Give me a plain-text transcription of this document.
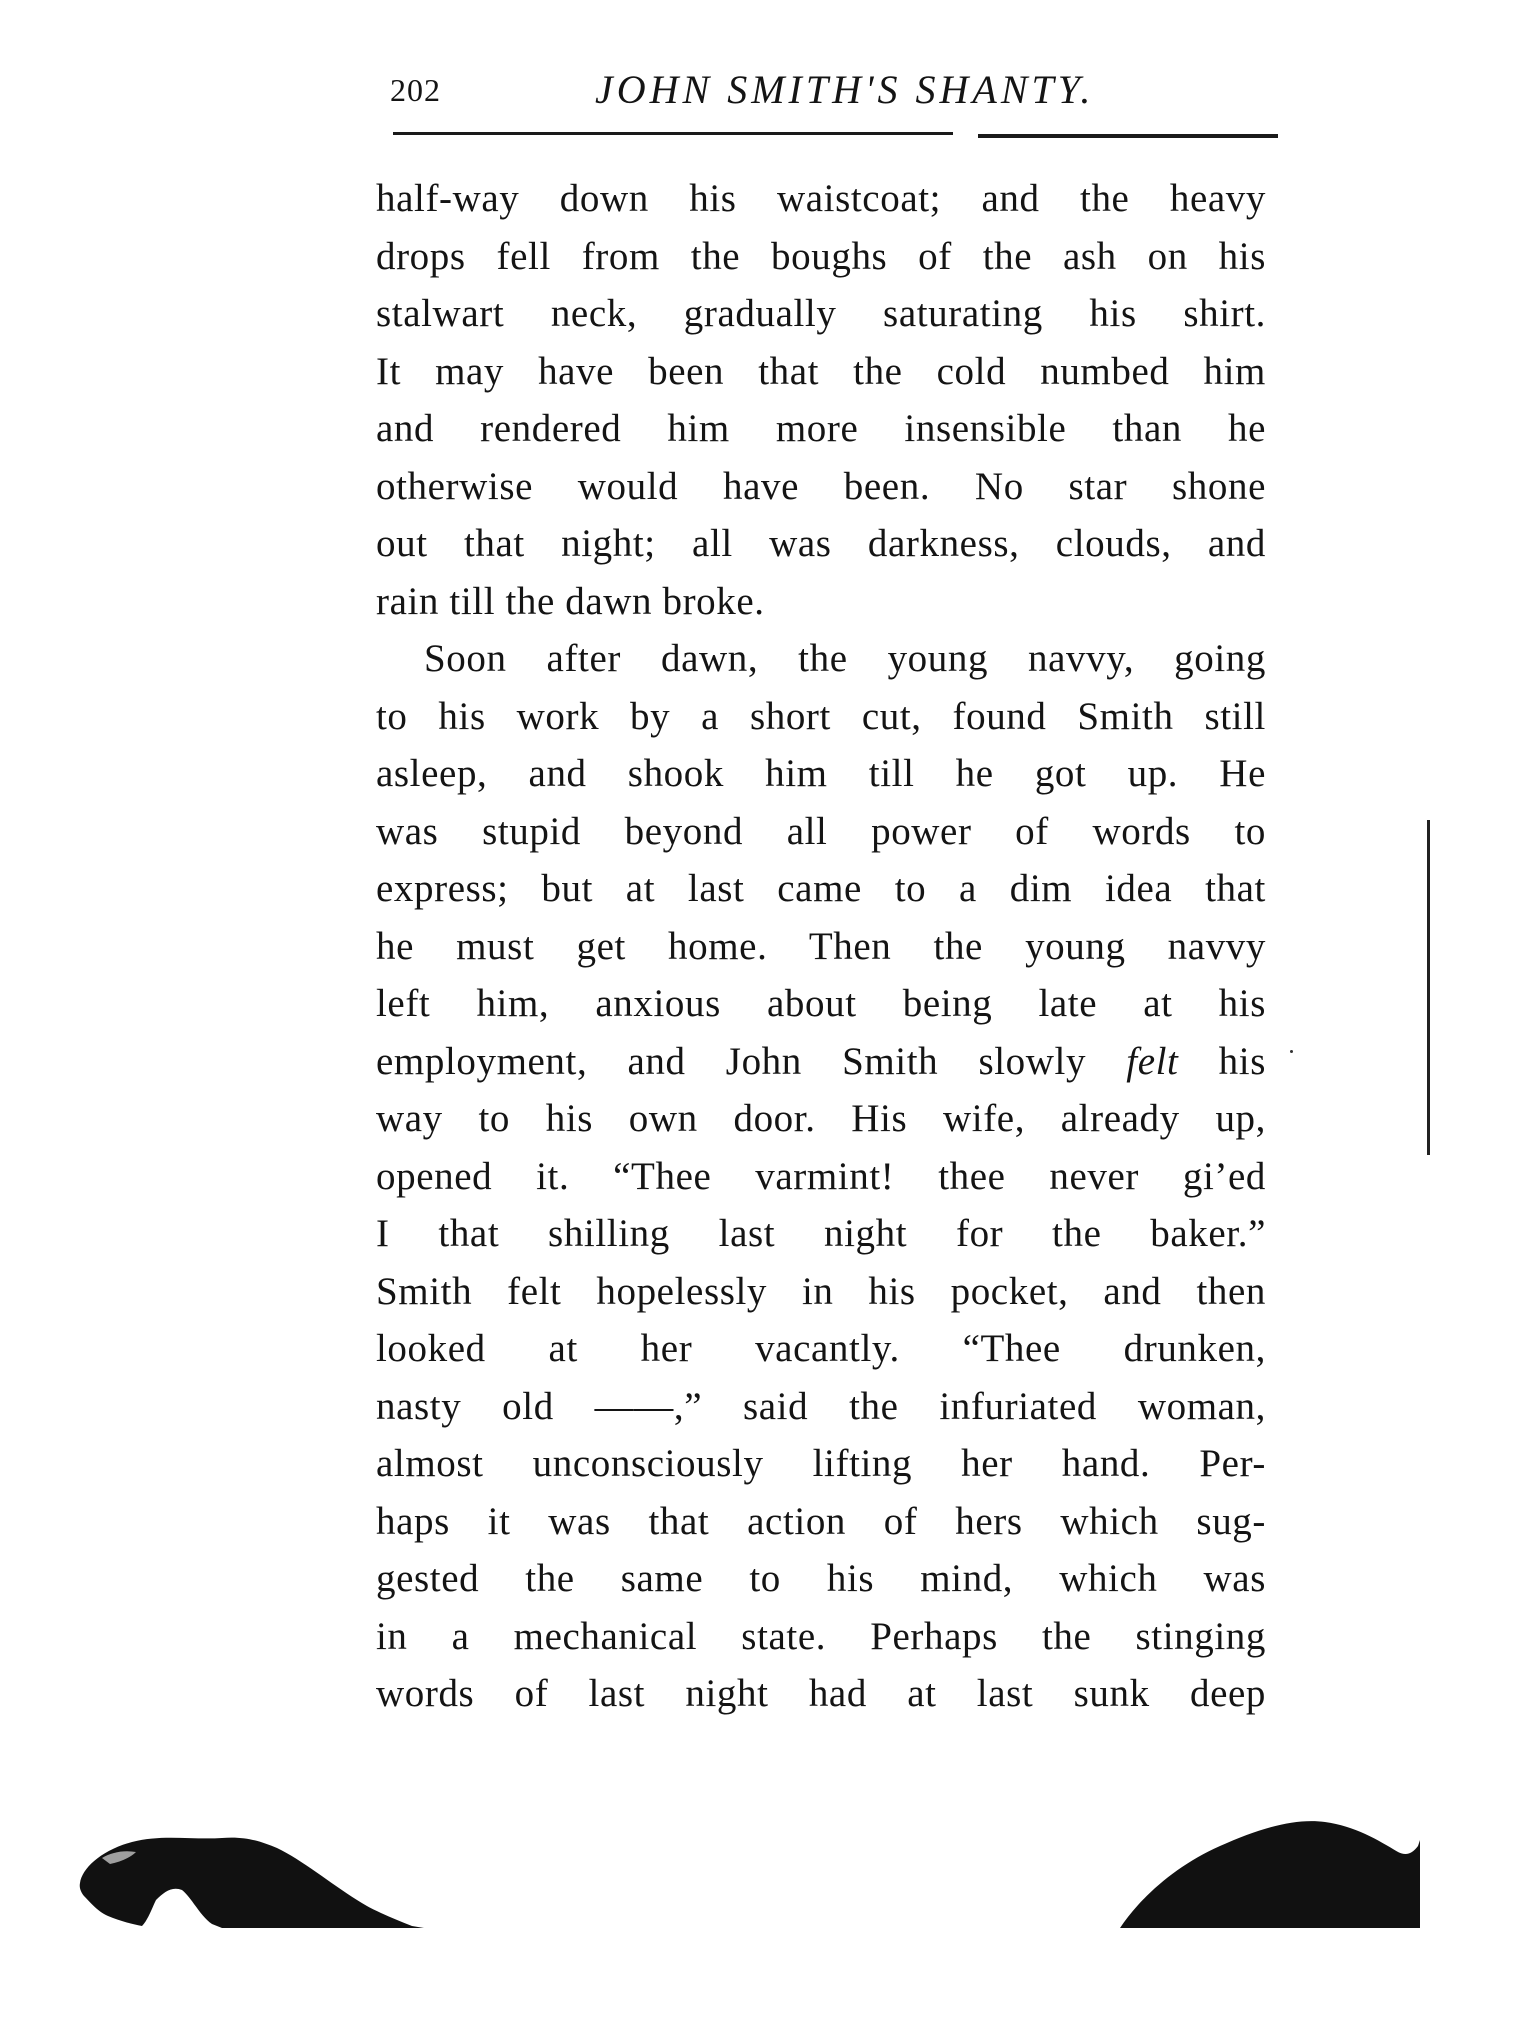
202	JOHN SMITH'S SHANTY.
half-way down his waistcoat; and the heavy
drops fell from the boughs of the ash on his
stalwart neck, gradually saturating his shirt.
It may have been that the cold numbed him
and rendered him more insensible than he
otherwise would have been. No star shone
out that night; all was darkness, clouds, and
rain till the dawn broke.
Soon after dawn, the young navvy, going
to his work by a short cut, found Smith still
asleep, and shook him till he got up. He
was stupid beyond all power of words to
express; but at last came to a dim idea that
he must get home. Then the young navvy
left him, anxious about being late at his
employment, and John Smith slowly felt his
way to his own door. His wife, already up,
opened it. “Thee varmint! thee never gi’ed
I that shilling last night for the baker.”
Smith felt hopelessly in his pocket, and then
looked at her vacantly. “Thee drunken,
nasty old ——,” said the infuriated woman,
almost unconsciously lifting her hand. Per-
haps it was that action of hers which sug-
gested the same to his mind, which was
in a mechanical state. Perhaps the stinging
words of last night had at last sunk deep
